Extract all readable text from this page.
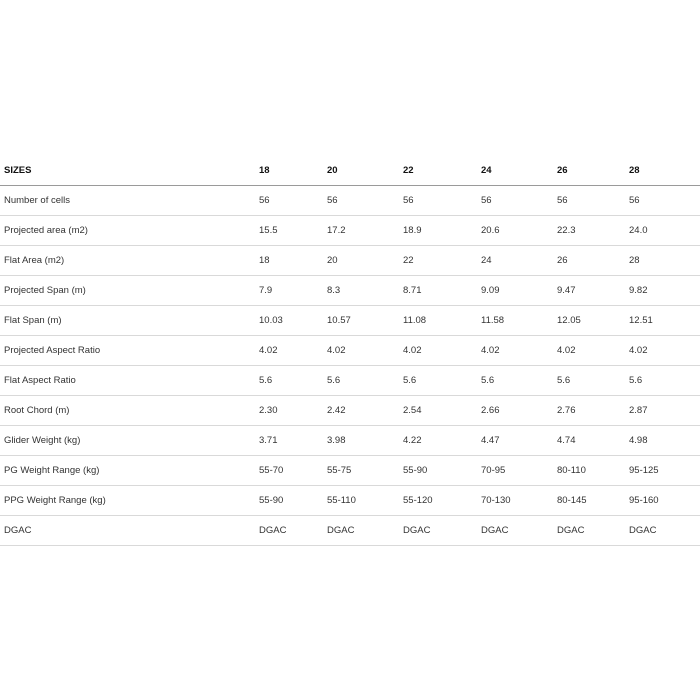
SIZES	18	20	22	24	26	28
Number of cells	56	56	56	56	56	56
Projected area (m2)	15.5	17.2	18.9	20.6	22.3	24.0
Flat Area (m2)	18	20	22	24	26	28
Projected Span (m)	7.9	8.3	8.71	9.09	9.47	9.82
Flat Span (m)	10.03	10.57	11.08	11.58	12.05	12.51
Projected Aspect Ratio	4.02	4.02	4.02	4.02	4.02	4.02
Flat Aspect Ratio	5.6	5.6	5.6	5.6	5.6	5.6
Root Chord (m)	2.30	2.42	2.54	2.66	2.76	2.87
Glider Weight (kg)	3.71	3.98	4.22	4.47	4.74	4.98
PG Weight Range (kg)	55-70	55-75	55-90	70-95	80-110	95-125
PPG Weight Range (kg)	55-90	55-110	55-120	70-130	80-145	95-160
DGAC	DGAC	DGAC	DGAC	DGAC	DGAC	DGAC
